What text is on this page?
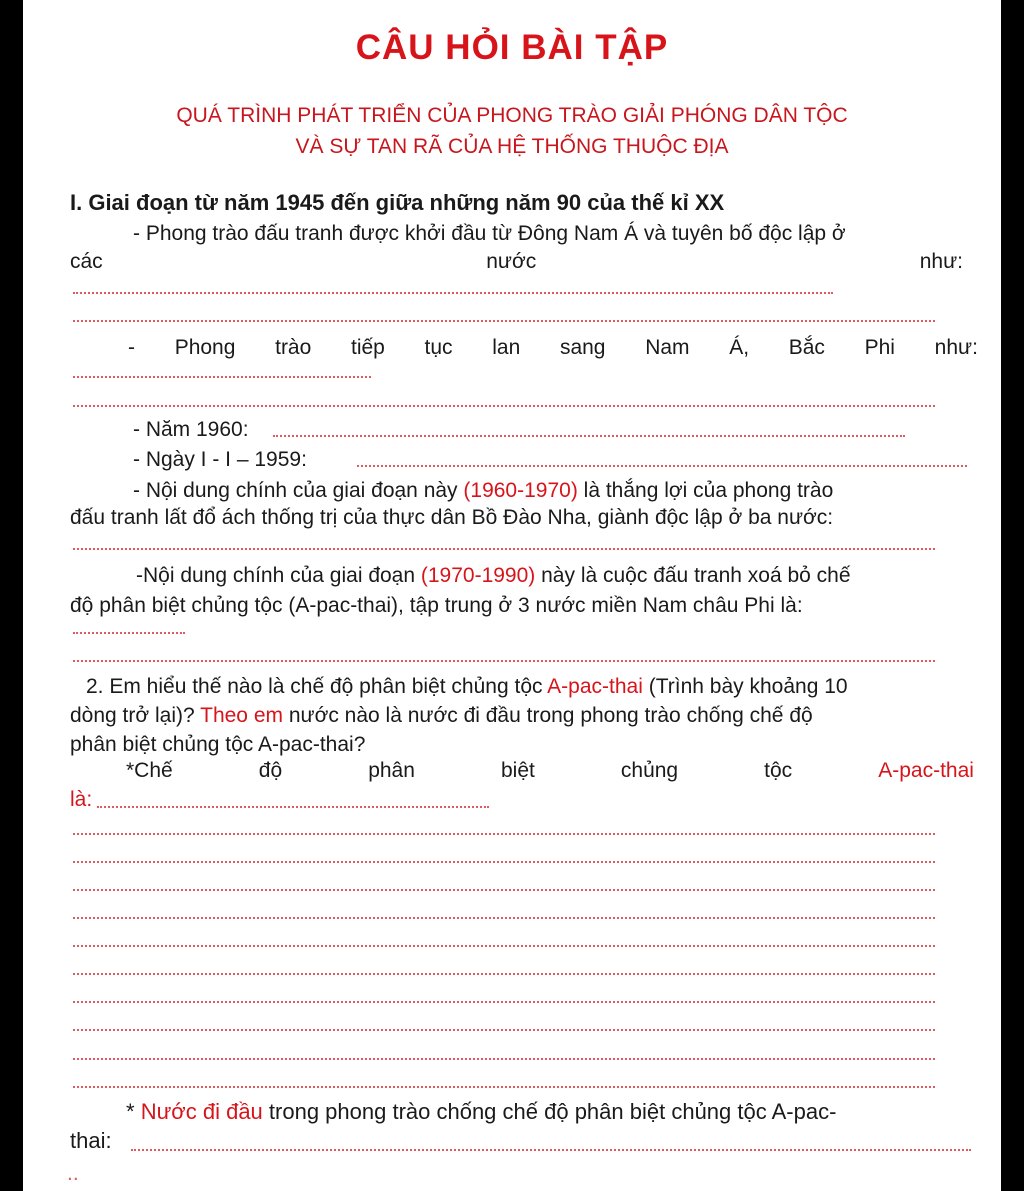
CÂU HỎI BÀI TẬP
QUÁ TRÌNH PHÁT TRIỂN CỦA PHONG TRÀO GIẢI PHÓNG DÂN TỘC
VÀ SỰ TAN RÃ CỦA HỆ THỐNG THUỘC ĐỊA
I. Giai đoạn từ năm 1945 đến giữa những năm 90 của thế kỉ XX
- Phong trào đấu tranh được khởi đầu từ Đông Nam Á và tuyên bố độc lập ở
các	nước	như:
- Phong trào tiếp tục lan sang Nam Á, Bắc Phi như:
- Năm 1960:
- Ngày I - I – 1959:
- Nội dung chính của giai đoạn này (1960-1970) là thắng lợi của phong trào
đấu tranh lất đổ ách thống trị của thực dân Bồ Đào Nha, giành độc lập ở ba nước:
-Nội dung chính của giai đoạn (1970-1990) này là cuộc đấu tranh xoá bỏ chế
độ phân biệt chủng tộc (A-pac-thai), tập trung ở 3 nước miền Nam châu Phi là:
2. Em hiểu thế nào là chế độ phân biệt chủng tộc A-pac-thai (Trình bày khoảng 10
dòng trở lại)? Theo em nước nào là nước đi đầu trong phong trào chống chế độ
phân biệt chủng tộc A-pac-thai?
*Chế	độ	phân	biệt	chủng	tộc	A-pac-thai
là:
* Nước đi đầu trong phong trào chống chế độ phân biệt chủng tộc A-pac-
thai:
..
